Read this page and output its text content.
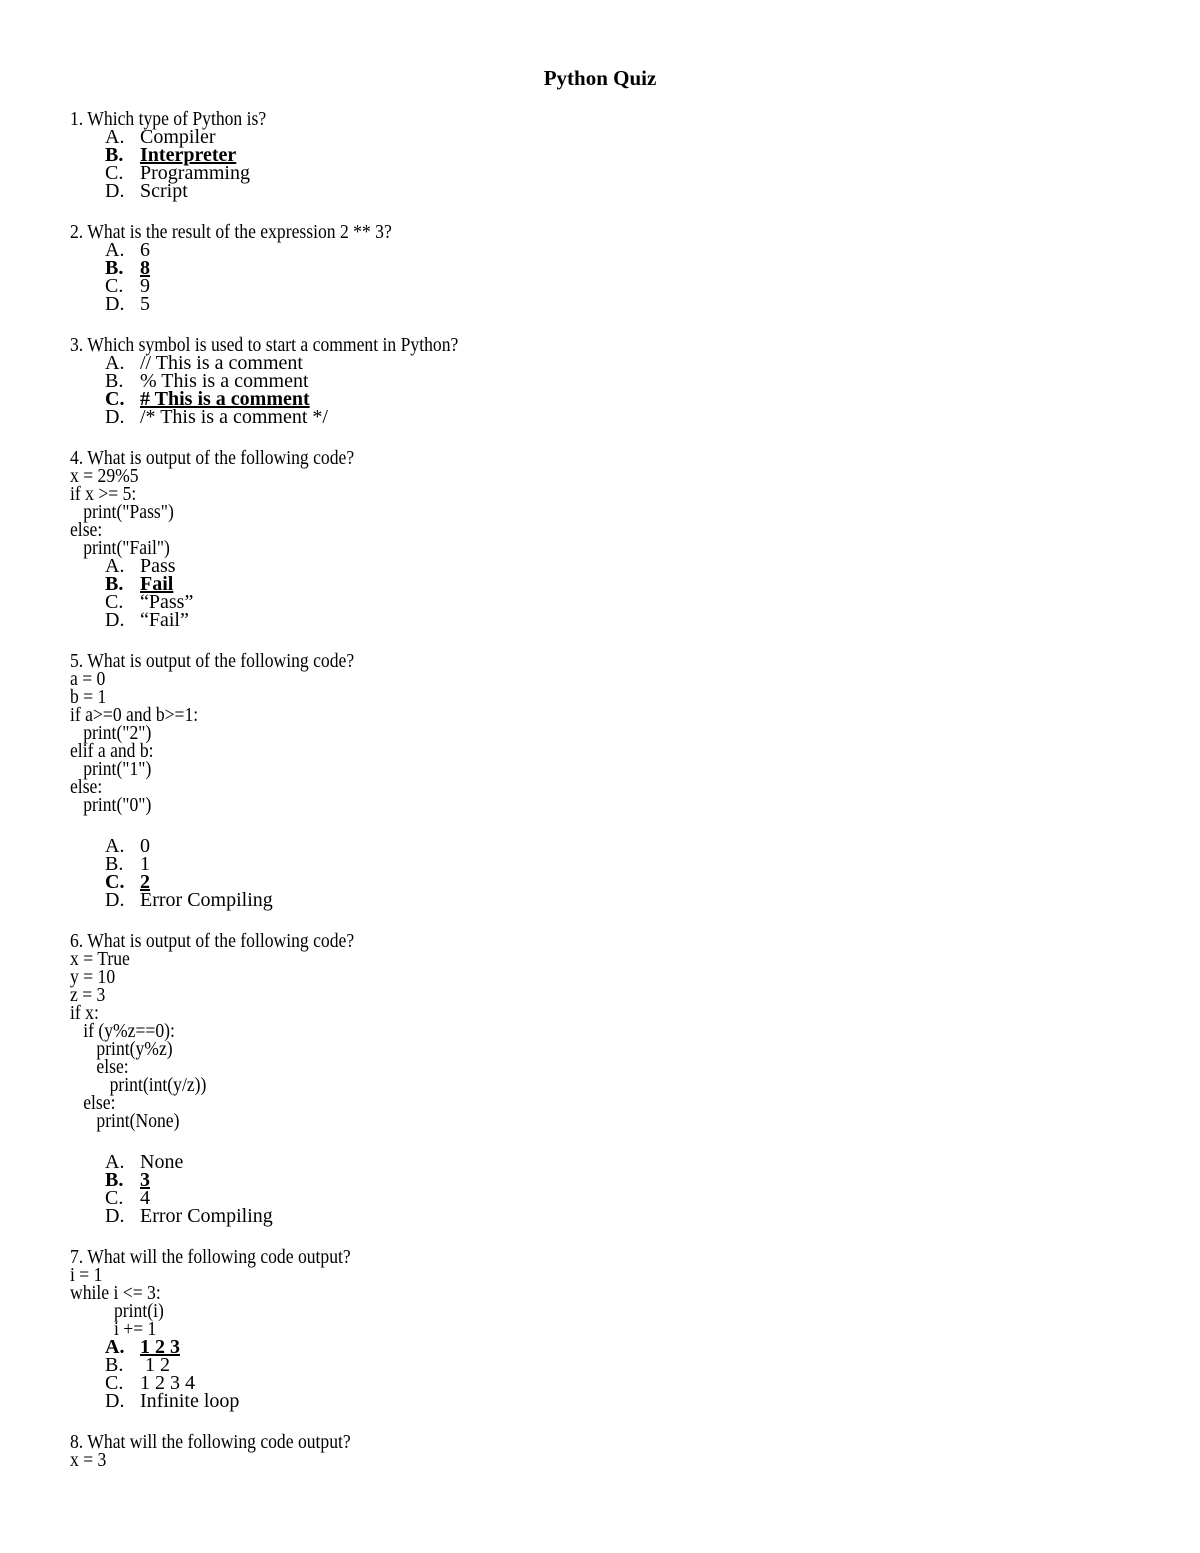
Python Quiz
1. Which type of Python is?
A. Compiler
B. Interpreter
C. Programming
D. Script
2. What is the result of the expression 2 ** 3?
A. 6
B. 8
C. 9
D. 5
3. Which symbol is used to start a comment in Python?
A. // This is a comment
B. % This is a comment
C. # This is a comment
D. /* This is a comment */
4. What is output of the following code?
x = 29%5
if x >= 5:
print("Pass")
else:
print("Fail")
A. Pass
B. Fail
C. “Pass”
D. “Fail”
5. What is output of the following code?
a = 0
b = 1
if a>=0 and b>=1:
print("2")
elif a and b:
print("1")
else:
print("0")
A. 0
B. 1
C. 2
D. Error Compiling
6. What is output of the following code?
x = True
y = 10
z = 3
if x:
if (y%z==0):
print(y%z)
else:
print(int(y/z))
else:
print(None)
A. None
B. 3
C. 4
D. Error Compiling
7. What will the following code output?
i = 1
while i <= 3:
print(i)
i += 1
A. 1 2 3
B. 1 2
C. 1 2 3 4
D. Infinite loop
8. What will the following code output?
x = 3
